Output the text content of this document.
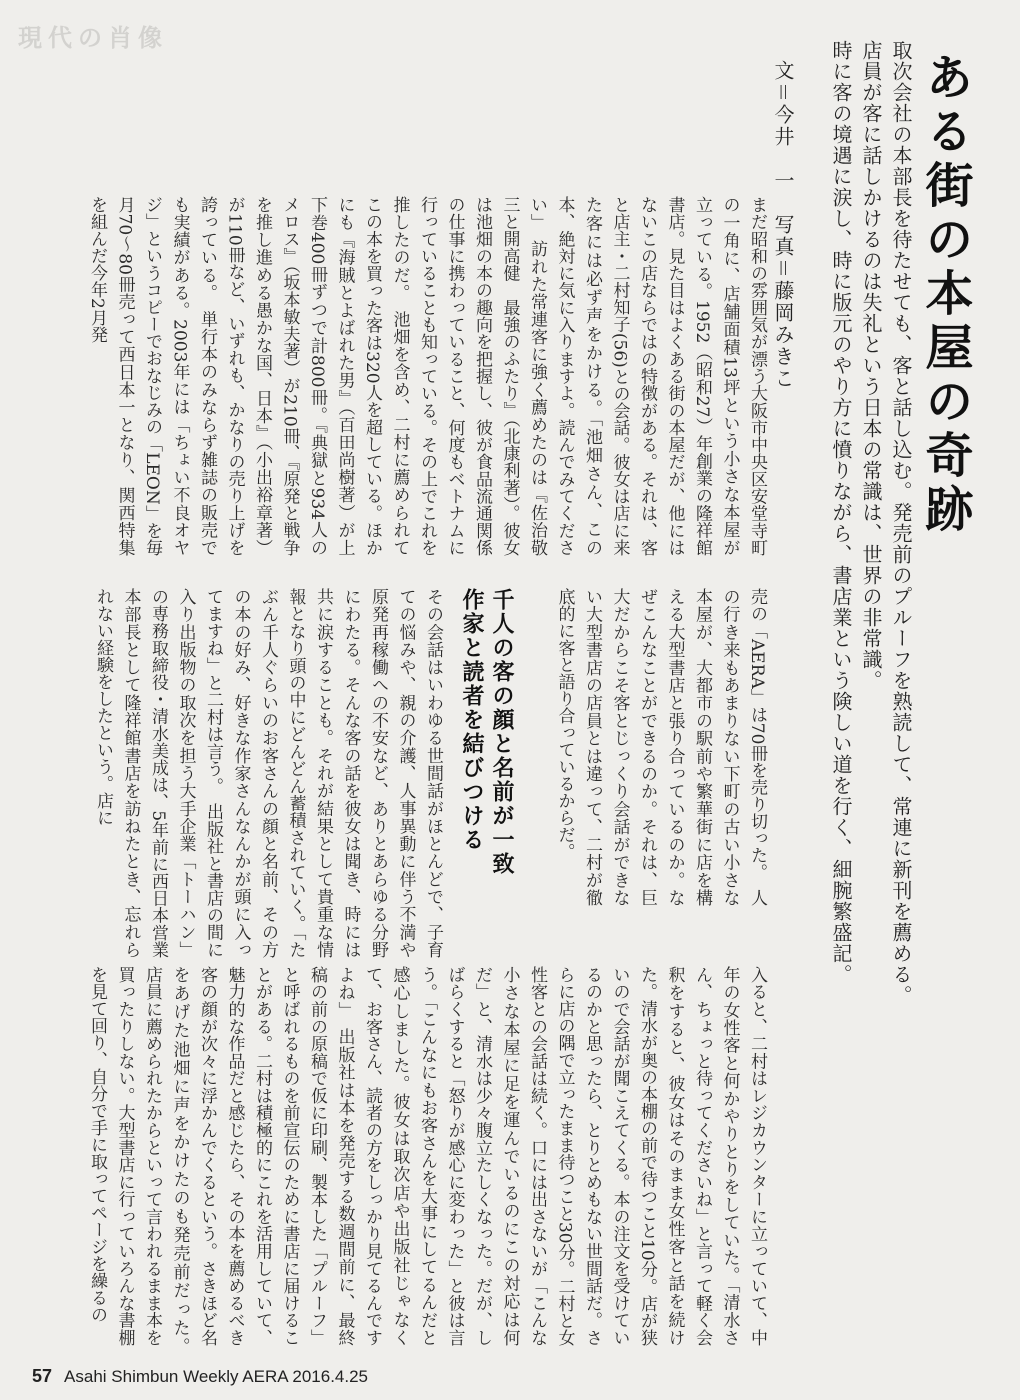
現代の肖像
ある街の本屋の奇跡
取次会社の本部長を待たせても、客と話し込む。発売前のプルーフを熟読して、常連に新刊を薦める。
店員が客に話しかけるのは失礼という日本の常識は、世界の非常識。
時に客の境遇に涙し、時に版元のやり方に憤りながら、書店業という険しい道を行く、細腕繁盛記。
文＝今井　一　写真＝藤岡みきこ

まだ昭和の雰囲気が漂う大阪市中央区安堂寺町の一角に、店舗面積13坪という小さな本屋が立っている。1952（昭和27）年創業の隆祥館書店。見た目はよくある街の本屋だが、他にはないこの店ならではの特徴がある。それは、客と店主・二村知子(56)との会話。彼女は店に来た客には必ず声をかける。「池畑さん、この本、絶対に気に入りますよ。読んでみてください」　訪れた常連客に強く薦めたのは『佐治敬三と開高健　最強のふたり』（北康利著）。彼女は池畑の本の趣向を把握し、彼が食品流通関係の仕事に携わっていること、何度もベトナムに行っていることも知っている。その上でこれを推したのだ。　池畑を含め、二村に薦められてこの本を買った客は320人を超している。ほかにも『海賊とよばれた男』（百田尚樹著）が上下巻400冊ずつで計800冊。『典獄と934人のメロス』（坂本敏夫著）が210冊、『原発と戦争を推し進める愚かな国、日本』（小出裕章著）が110冊など、いずれも、かなりの売り上げを誇っている。　単行本のみならず雑誌の販売でも実績がある。2003年には「ちょい不良オヤジ」というコピーでおなじみの「LEON」を毎月70〜80冊売って西日本一となり、関西特集を組んだ今年2月発

売の「AERA」は70冊を売り切った。　人の行き来もあまりない下町の古い小さな本屋が、大都市の駅前や繁華街に店を構える大型書店と張り合っているのか。なぜこんなことができるのか。それは、巨大だからこそ客とじっくり会話ができない大型書店の店員とは違って、二村が徹底的に客と語り合っているからだ。

千人の客の顔と名前が一致　作家と読者を結びつける

その会話はいわゆる世間話がほとんどで、子育ての悩みや、親の介護、人事異動に伴う不満や原発再稼働への不安など、ありとあらゆる分野にわたる。そんな客の話を彼女は聞き、時には共に涙することも。それが結果として貴重な情報となり頭の中にどんどん蓄積されていく。「たぶん千人ぐらいのお客さんの顔と名前、その方の本の好み、好きな作家さんなんかが頭に入ってますね」と二村は言う。　出版社と書店の間に入り出版物の取次を担う大手企業「トーハン」の専務取締役・清水美成は、5年前に西日本営業本部長として隆祥館書店を訪ねたとき、忘れられない経験をしたという。店に

入ると、二村はレジカウンターに立っていて、中年の女性客と何かやりとりをしていた。「清水さん、ちょっと待ってくださいね」と言って軽く会釈をすると、彼女はそのまま女性客と話を続けた。清水が奥の本棚の前で待つこと10分。店が狭いので会話が聞こえてくる。本の注文を受けているのかと思ったら、とりとめもない世間話だ。さらに店の隅で立ったまま待つこと30分。二村と女性客との会話は続く。口には出さないが「こんな小さな本屋に足を運んでいるのにこの対応は何だ」と、清水は少々腹立たしくなった。だが、しばらくすると「怒りが感心に変わった」と彼は言う。「こんなにもお客さんを大事にしてるんだと感心しました。彼女は取次店や出版社じゃなくて、お客さん、読者の方をしっかり見てるんですよね」　出版社は本を発売する数週間前に、最終稿の前の原稿で仮に印刷、製本した「プルーフ」と呼ばれるものを前宣伝のために書店に届けることがある。二村は積極的にこれを活用していて、魅力的な作品だと感じたら、その本を薦めるべき客の顔が次々に浮かんでくるという。さきほど名をあげた池畑に声をかけたのも発売前だった。　店員に薦められたからといって言われるまま本を買ったりしない。大型書店に行っていろんな書棚を見て回り、自分で手に取ってページを繰るの

57 Asahi Shimbun Weekly AERA 2016.4.25
